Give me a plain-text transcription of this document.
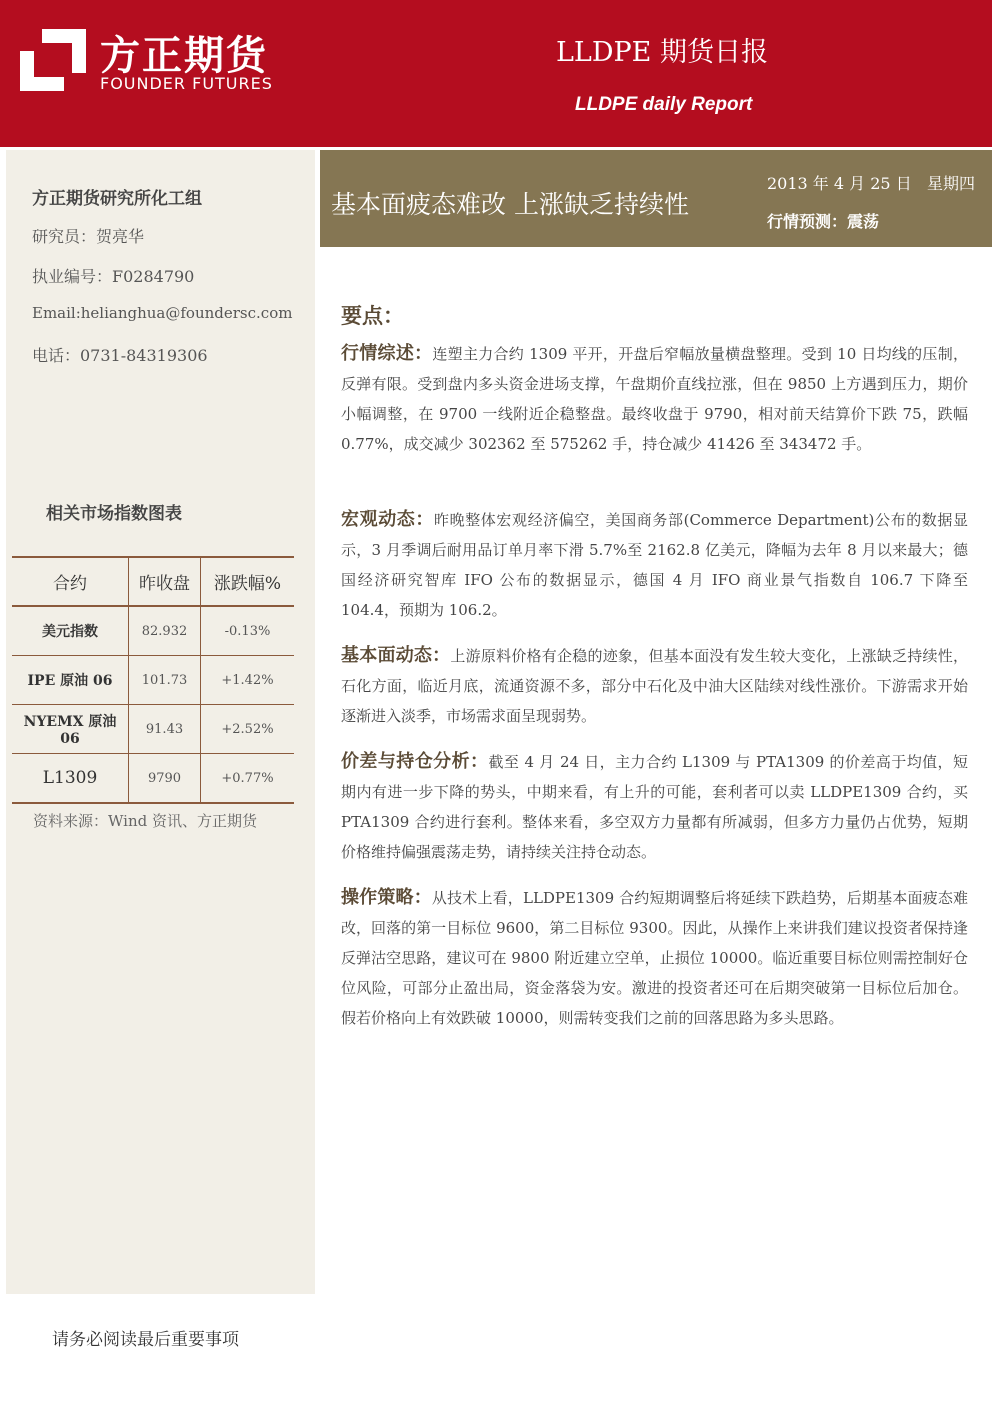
方正期货
FOUNDER FUTURES
LLDPE 期货日报
LLDPE daily Report
方正期货研究所化工组
研究员：贺亮华
执业编号：F0284790
Email:helianghua@foundersc.com
电话：0731-84319306
相关市场指数图表
合约	昨收盘	涨跌幅%
美元指数	82.932	-0.13%
IPE 原油 06	101.73	+1.42%
NYEMX 原油 06	91.43	+2.52%
L1309	9790	+0.77%
资料来源：Wind 资讯、方正期货
基本面疲态难改 上涨缺乏持续性
2013 年 4 月 25 日   星期四
行情预测：震荡
要点：

行情综述：连塑主力合约 1309 平开，开盘后窄幅放量横盘整理。受到 10 日均线的压制，反弹有限。受到盘内多头资金进场支撑，午盘期价直线拉涨，但在 9850 上方遇到压力，期价小幅调整，在 9700 一线附近企稳整盘。最终收盘于 9790，相对前天结算价下跌 75，跌幅 0.77%，成交减少 302362 至 575262 手，持仓减少 41426 至 343472 手。

宏观动态：昨晚整体宏观经济偏空，美国商务部(Commerce Department)公布的数据显示，3 月季调后耐用品订单月率下滑 5.7%至 2162.8 亿美元，降幅为去年 8 月以来最大；德国经济研究智库 IFO 公布的数据显示，德国 4 月 IFO 商业景气指数自 106.7 下降至 104.4，预期为 106.2。

基本面动态：上游原料价格有企稳的迹象，但基本面没有发生较大变化，上涨缺乏持续性，石化方面，临近月底，流通资源不多，部分中石化及中油大区陆续对线性涨价。下游需求开始逐渐进入淡季，市场需求面呈现弱势。

价差与持仓分析：截至 4 月 24 日，主力合约 L1309 与 PTA1309 的价差高于均值，短期内有进一步下降的势头，中期来看，有上升的可能，套利者可以卖 LLDPE1309 合约，买 PTA1309 合约进行套利。整体来看，多空双方力量都有所减弱，但多方力量仍占优势，短期价格维持偏强震荡走势，请持续关注持仓动态。

操作策略：从技术上看，LLDPE1309 合约短期调整后将延续下跌趋势，后期基本面疲态难改，回落的第一目标位 9600，第二目标位 9300。因此，从操作上来讲我们建议投资者保持逢反弹沽空思路，建议可在 9800 附近建立空单，止损位 10000。临近重要目标位则需控制好仓位风险，可部分止盈出局，资金落袋为安。激进的投资者还可在后期突破第一目标位后加仓。假若价格向上有效跌破 10000，则需转变我们之前的回落思路为多头思路。

请务必阅读最后重要事项
